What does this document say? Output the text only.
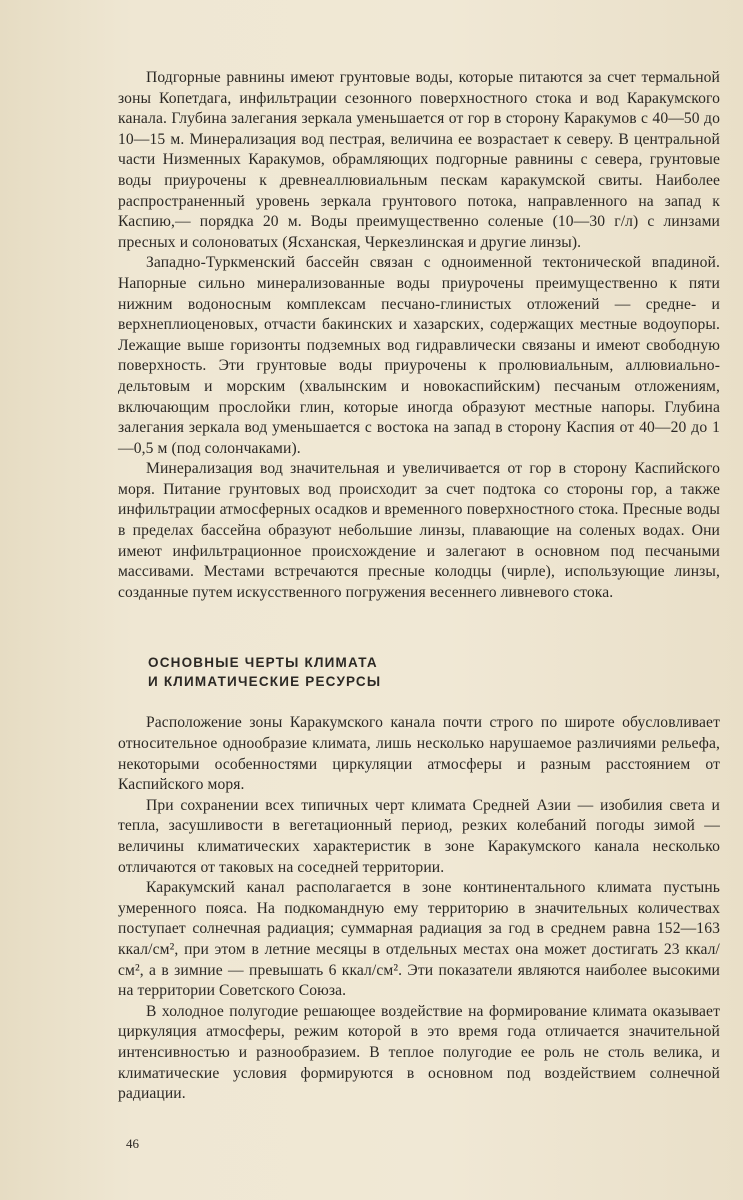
Подгорные равнины имеют грунтовые воды, которые питаются за счет термальной зоны Копетдага, инфильтрации сезонного поверхностного стока и вод Каракумского канала. Глубина залегания зеркала уменьшается от гор в сторону Каракумов с 40—50 до 10—15 м. Минерализация вод пестрая, величина ее возрастает к северу. В центральной части Низменных Каракумов, обрамляющих подгорные равнины с севера, грунтовые воды приурочены к древнеаллювиальным пескам каракумской свиты. Наиболее распространенный уровень зеркала грунтового потока, направленного на запад к Каспию,— порядка 20 м. Воды преимущественно соленые (10—30 г/л) с линзами пресных и солоноватых (Ясханская, Черкезлинская и другие линзы).

Западно-Туркменский бассейн связан с одноименной тектонической впадиной. Напорные сильно минерализованные воды приурочены преимущественно к пяти нижним водоносным комплексам песчано-глинистых отложений — средне- и верхнеплиоценовых, отчасти бакинских и хазарских, содержащих местные водоупоры. Лежащие выше горизонты подземных вод гидравлически связаны и имеют свободную поверхность. Эти грунтовые воды приурочены к пролювиальным, аллювиально-дельтовым и морским (хвалынским и новокаспийским) песчаным отложениям, включающим прослойки глин, которые иногда образуют местные напоры. Глубина залегания зеркала вод уменьшается с востока на запад в сторону Каспия от 40—20 до 1—0,5 м (под солончаками).

Минерализация вод значительная и увеличивается от гор в сторону Каспийского моря. Питание грунтовых вод происходит за счет подтока со стороны гор, а также инфильтрации атмосферных осадков и временного поверхностного стока. Пресные воды в пределах бассейна образуют небольшие линзы, плавающие на соленых водах. Они имеют инфильтрационное происхождение и залегают в основном под песчаными массивами. Местами встречаются пресные колодцы (чирле), использующие линзы, созданные путем искусственного погружения весеннего ливневого стока.

ОСНОВНЫЕ ЧЕРТЫ КЛИМАТА
И КЛИМАТИЧЕСКИЕ РЕСУРСЫ

Расположение зоны Каракумского канала почти строго по широте обусловливает относительное однообразие климата, лишь несколько нарушаемое различиями рельефа, некоторыми особенностями циркуляции атмосферы и разным расстоянием от Каспийского моря.

При сохранении всех типичных черт климата Средней Азии — изобилия света и тепла, засушливости в вегетационный период, резких колебаний погоды зимой — величины климатических характеристик в зоне Каракумского канала несколько отличаются от таковых на соседней территории.

Каракумский канал располагается в зоне континентального климата пустынь умеренного пояса. На подкомандную ему территорию в значительных количествах поступает солнечная радиация; суммарная радиация за год в среднем равна 152—163 ккал/см², при этом в летние месяцы в отдельных местах она может достигать 23 ккал/см², а в зимние — превышать 6 ккал/см². Эти показатели являются наиболее высокими на территории Советского Союза.

В холодное полугодие решающее воздействие на формирование климата оказывает циркуляция атмосферы, режим которой в это время года отличается значительной интенсивностью и разнообразием. В теплое полугодие ее роль не столь велика, и климатические условия формируются в основном под воздействием солнечной радиации.

46
